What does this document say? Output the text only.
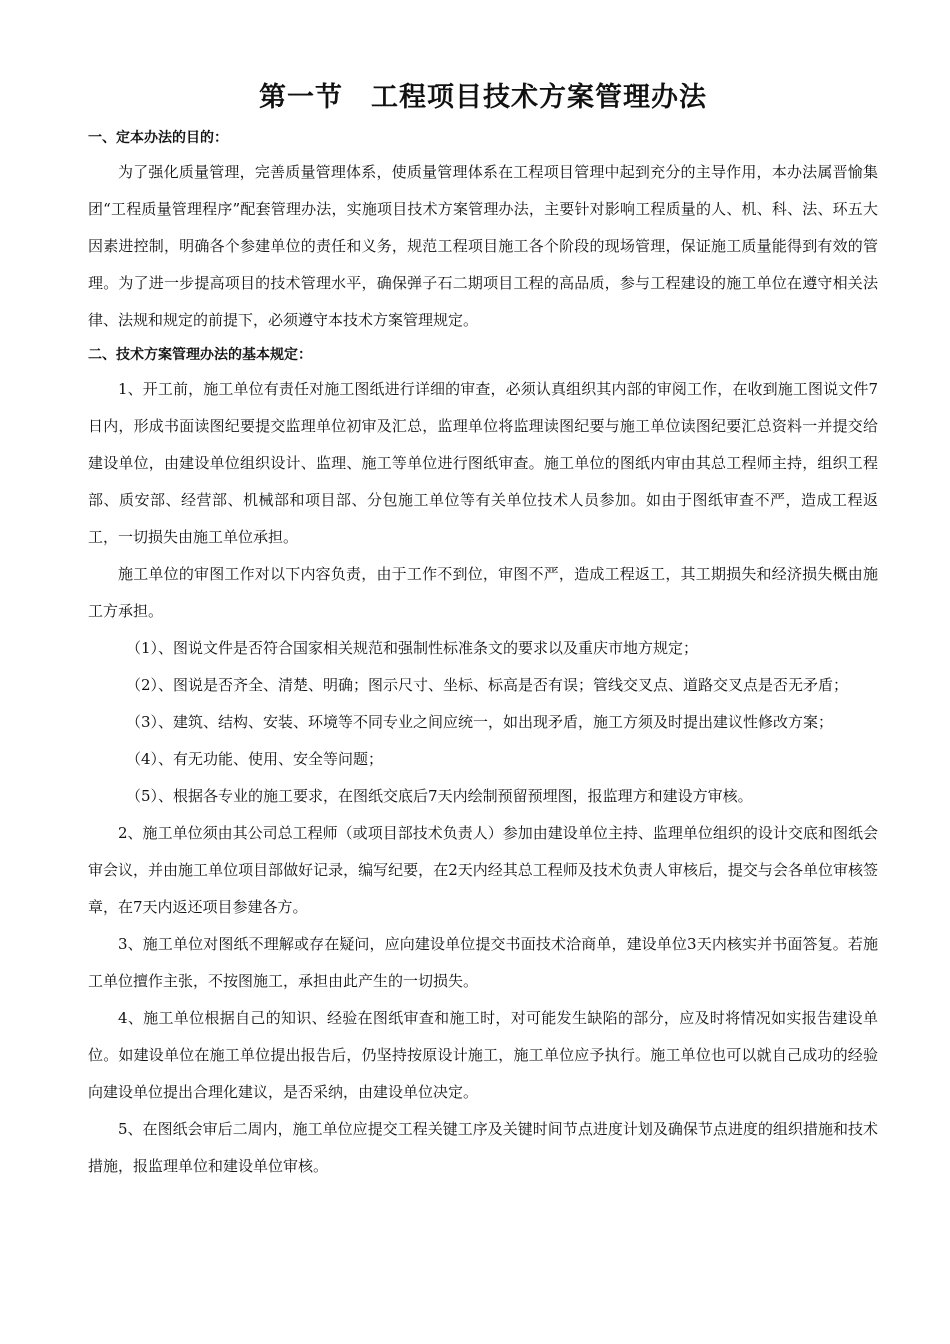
第一节　工程项目技术方案管理办法

一、定本办法的目的：

为了强化质量管理，完善质量管理体系，使质量管理体系在工程项目管理中起到充分的主导作用，本办法属晋愉集团“工程质量管理程序”配套管理办法，实施项目技术方案管理办法，主要针对影响工程质量的人、机、科、法、环五大因素进控制，明确各个参建单位的责任和义务，规范工程项目施工各个阶段的现场管理，保证施工质量能得到有效的管理。为了进一步提高项目的技术管理水平，确保弹子石二期项目工程的高品质，参与工程建设的施工单位在遵守相关法律、法规和规定的前提下，必须遵守本技术方案管理规定。

二、技术方案管理办法的基本规定：

1、开工前，施工单位有责任对施工图纸进行详细的审查，必须认真组织其内部的审阅工作，在收到施工图说文件7日内，形成书面读图纪要提交监理单位初审及汇总，监理单位将监理读图纪要与施工单位读图纪要汇总资料一并提交给建设单位，由建设单位组织设计、监理、施工等单位进行图纸审查。施工单位的图纸内审由其总工程师主持，组织工程部、质安部、经营部、机械部和项目部、分包施工单位等有关单位技术人员参加。如由于图纸审查不严，造成工程返工，一切损失由施工单位承担。

施工单位的审图工作对以下内容负责，由于工作不到位，审图不严，造成工程返工，其工期损失和经济损失概由施工方承担。

（1）、图说文件是否符合国家相关规范和强制性标准条文的要求以及重庆市地方规定；

（2）、图说是否齐全、清楚、明确；图示尺寸、坐标、标高是否有误；管线交叉点、道路交叉点是否无矛盾；

（3）、建筑、结构、安装、环境等不同专业之间应统一，如出现矛盾，施工方须及时提出建议性修改方案；

（4）、有无功能、使用、安全等问题；

（5）、根据各专业的施工要求，在图纸交底后7天内绘制预留预埋图，报监理方和建设方审核。

2、施工单位须由其公司总工程师（或项目部技术负责人）参加由建设单位主持、监理单位组织的设计交底和图纸会审会议，并由施工单位项目部做好记录，编写纪要，在2天内经其总工程师及技术负责人审核后，提交与会各单位审核签章，在7天内返还项目参建各方。

3、施工单位对图纸不理解或存在疑问，应向建设单位提交书面技术洽商单，建设单位3天内核实并书面答复。若施工单位擅作主张，不按图施工，承担由此产生的一切损失。

4、施工单位根据自己的知识、经验在图纸审查和施工时，对可能发生缺陷的部分，应及时将情况如实报告建设单位。如建设单位在施工单位提出报告后，仍坚持按原设计施工，施工单位应予执行。施工单位也可以就自己成功的经验向建设单位提出合理化建议，是否采纳，由建设单位决定。

5、在图纸会审后二周内，施工单位应提交工程关键工序及关键时间节点进度计划及确保节点进度的组织措施和技术措施，报监理单位和建设单位审核。
